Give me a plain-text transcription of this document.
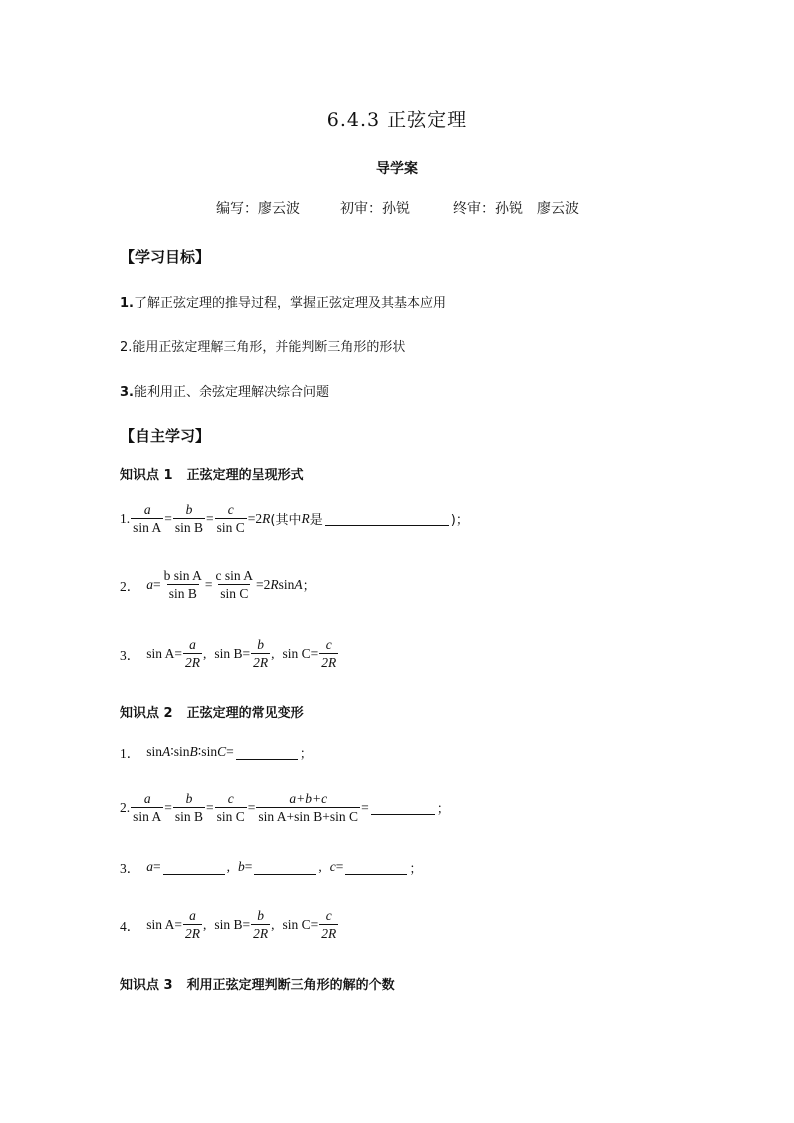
6.4.3 正弦定理
导学案
编写：廖云波	初审：孙锐	终审：孙锐　廖云波
【学习目标】
1.了解正弦定理的推导过程，掌握正弦定理及其基本应用
2.能用正弦定理解三角形，并能判断三角形的形状
3.能利用正、余弦定理解决综合问题
【自主学习】
知识点 1 正弦定理的呈现形式
1. $\frac{a}{\text{sin A}} = \frac{b}{\text{sin B}} = \frac{c}{\text{sin C}} =2$ R (其中 R 是	)；
2． $a = \frac{\text{b sin A}}{\text{sin B}} = \frac{\text{c sin A}}{\text{sin C}} =2$ R sin A ；
3． $\sin A = \frac{a}{2R}$ , $\sin B = \frac{b}{2R}$ , $\sin C = \frac{c}{2R}$
知识点 2 正弦定理的常见变形
1． sin A ∶sin B ∶sin C =	；
2. $\frac{a}{\text{sin A}} = \frac{b}{\text{sin B}} = \frac{c}{\text{sin C}} = \frac{a+b+c}{\text{sin A+sin B+sin C}}$ =	；
3． a =	, b =	, c =	；
4． $\sin A = \frac{a}{2R}$ , $\sin B = \frac{b}{2R}$ , $\sin C = \frac{c}{2R}$
知识点 3 利用正弦定理判断三角形的解的个数
